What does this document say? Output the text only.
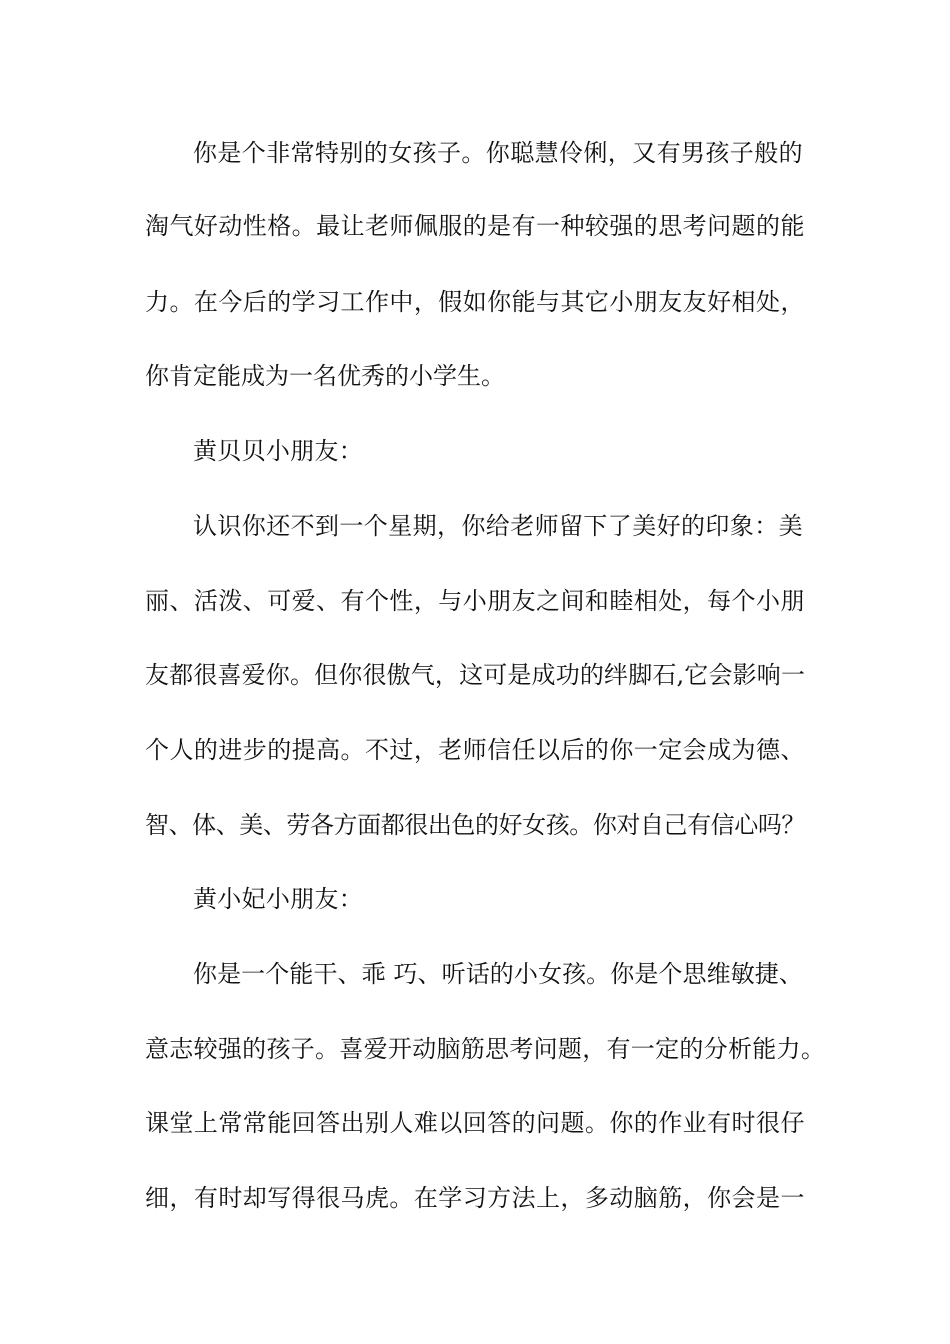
你是个非常特别的女孩子。你聪慧伶俐，又有男孩子般的
淘气好动性格。最让老师佩服的是有一种较强的思考问题的能
力。在今后的学习工作中，假如你能与其它小朋友友好相处，
你肯定能成为一名优秀的小学生。
黄贝贝小朋友：
认识你还不到一个星期，你给老师留下了美好的印象：美
丽、活泼、可爱、有个性，与小朋友之间和睦相处，每个小朋
友都很喜爱你。但你很傲气，这可是成功的绊脚石,它会影响一
个人的进步的提高。不过，老师信任以后的你一定会成为德、
智、体、美、劳各方面都很出色的好女孩。你对自己有信心吗？
黄小妃小朋友：
你是一个能干、乖 巧、听话的小女孩。你是个思维敏捷、
意志较强的孩子。喜爱开动脑筋思考问题，有一定的分析能力。
课堂上常常能回答出别人难以回答的问题。你的作业有时很仔
细，有时却写得很马虎。在学习方法上，多动脑筋，你会是一
